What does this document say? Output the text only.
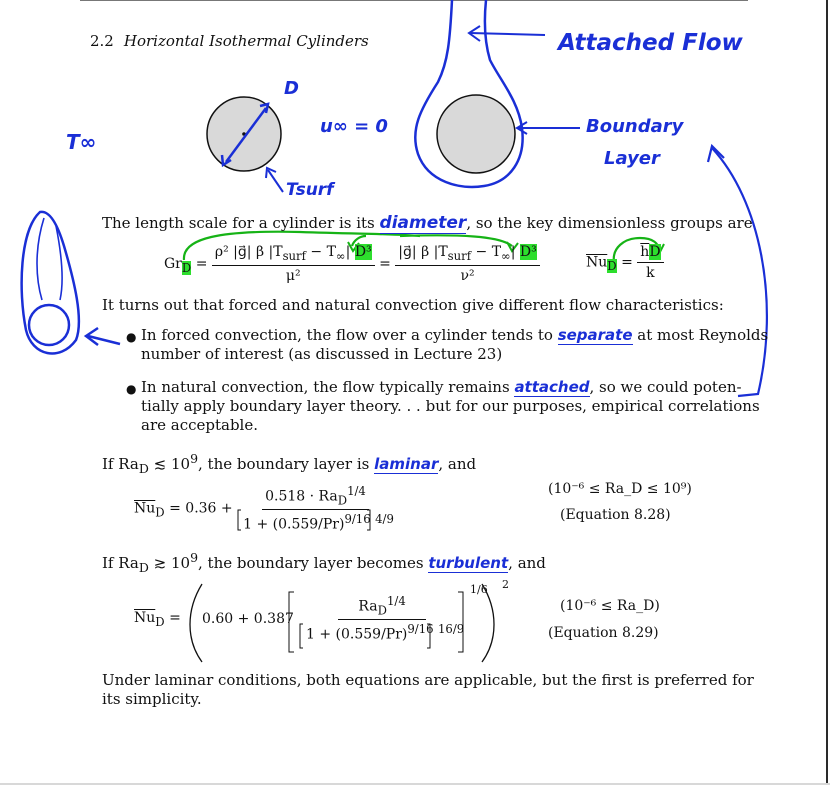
2.2 Horizontal Isothermal Cylinders	Attached Flow
Boundary
Layer
D
T∞
Tsurf
u∞ = 0
The length scale for a cylinder is its diameter, so the key dimensionless groups are
$Gr_D = \frac{\rho^2 |g⃗| \beta |T_{surf} - T_\infty| D^3}{\text{μ²}} = \frac{|g⃗| \beta |T_{surf} - T_\infty| D^3}{\text{ν²}}$	$\overline{Nu}_D = \frac{\overline{h}D}{k}$
It turns out that forced and natural convection give different flow characteristics:
● In forced convection, the flow over a cylinder tends to separate at most Reynolds
number of interest (as discussed in Lecture 23)
● In natural convection, the flow typically remains attached, so we could poten-
tially apply boundary layer theory. . . but for our purposes, empirical correlations
are acceptable.
If $Ra_D$ ≲ $10^9$, the boundary layer is laminar, and
$\overline{Nu}_D = 0.36 + \frac{0.518 \cdot Ra_D^{1/4}}{1 + (0.559/Pr)^{9/16} ^{4/9}}$	(10⁻⁶ ≤ Ra_D ≤ 10⁹)
(Equation 8.28)
If $Ra_D$ ≳ $10^9$, the boundary layer becomes turbulent, and
$\overline{Nu}_D = 0.60 + 0.387 \frac{Ra_D^{1/4}}{1 + (0.559/Pr)^{9/16} ^{16/9}}$
1/6 2
(10⁻⁶ ≤ Ra_D)
(Equation 8.29)
Under laminar conditions, both equations are applicable, but the first is preferred for
its simplicity.
